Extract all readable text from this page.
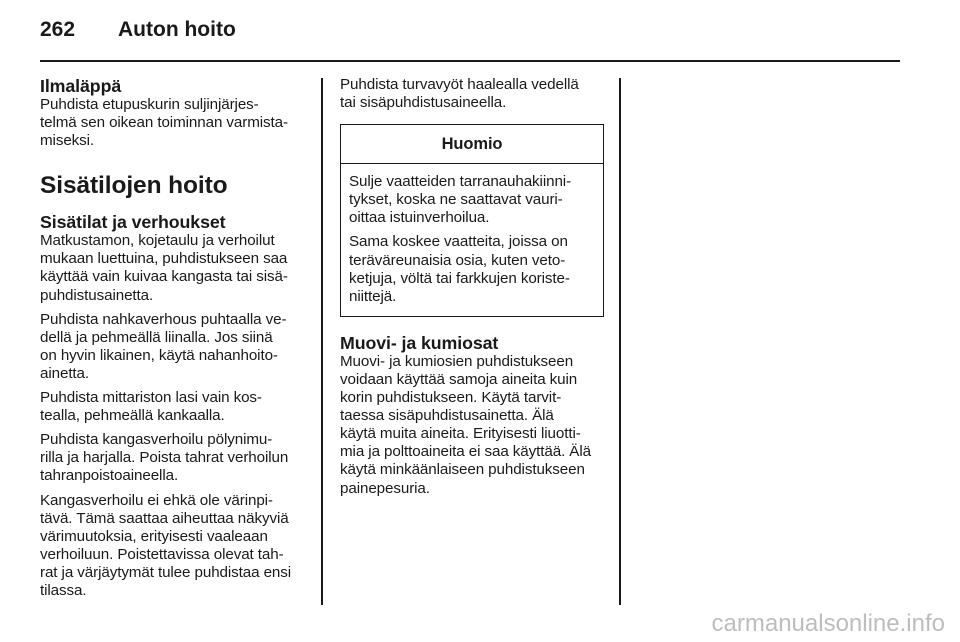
262	Auton hoito
Ilmaläppä

Puhdista etupuskurin suljinjärjes-
telmä sen oikean toiminnan varmista-
miseksi.

Sisätilojen hoito
Sisätilat ja verhoukset

Matkustamon, kojetaulu ja verhoilut
mukaan luettuina, puhdistukseen saa
käyttää vain kuivaa kangasta tai sisä-
puhdistusainetta.

Puhdista nahkaverhous puhtaalla ve-
dellä ja pehmeällä liinalla. Jos siinä
on hyvin likainen, käytä nahanhoito-
ainetta.

Puhdista mittariston lasi vain kos-
tealla, pehmeällä kankaalla.

Puhdista kangasverhoilu pölynimu-
rilla ja harjalla. Poista tahrat verhoilun
tahranpoistoaineella.

Kangasverhoilu ei ehkä ole värinpi-
tävä. Tämä saattaa aiheuttaa näkyviä
värimuutoksia, erityisesti vaaleaan
verhoiluun. Poistettavissa olevat tah-
rat ja värjäytymät tulee puhdistaa ensi
tilassa.

Puhdista turvavyöt haalealla vedellä
tai sisäpuhdistusaineella.

Huomio

Sulje vaatteiden tarranauhakiinni-
tykset, koska ne saattavat vauri-
oittaa istuinverhoilua.

Sama koskee vaatteita, joissa on
teräväreunaisia osia, kuten veto-
ketjuja, völtä tai farkkujen koriste-
niittejä.

Muovi- ja kumiosat

Muovi- ja kumiosien puhdistukseen
voidaan käyttää samoja aineita kuin
korin puhdistukseen. Käytä tarvit-
taessa sisäpuhdistusainetta. Älä
käytä muita aineita. Erityisesti liuotti-
mia ja polttoaineita ei saa käyttää. Älä
käytä minkäänlaiseen puhdistukseen
painepesuria.

carmanualsonline.info
